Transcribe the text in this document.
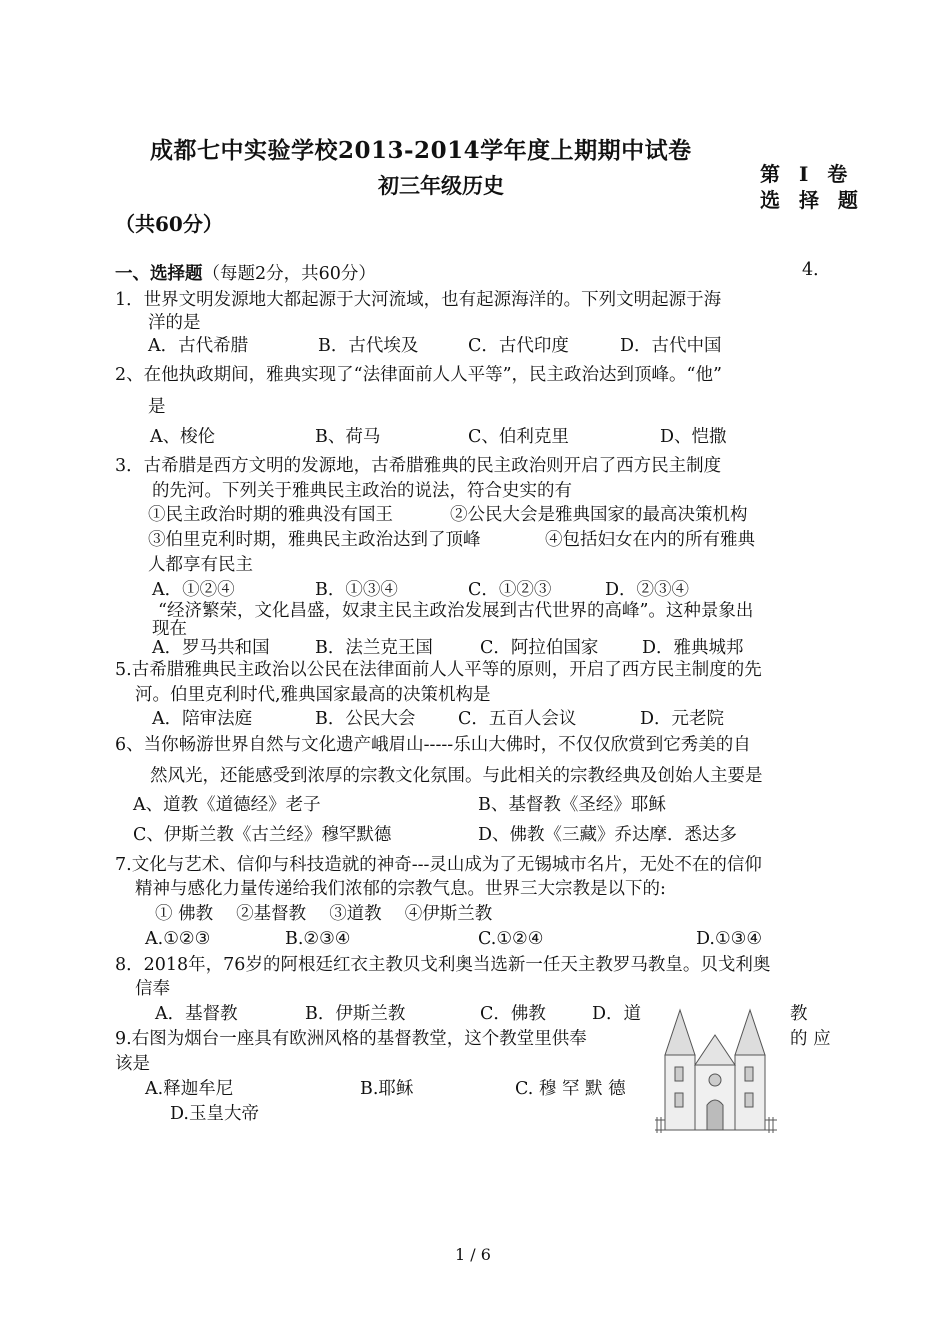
成都七中实验学校2013-2014学年度上期期中试卷
初三年级历史	第 Ⅰ 卷
选 择 题
（共60分）
一、选择题（每题2分，共60分）	4．
1．世界文明发源地大都起源于大河流域，也有起源海洋的。下列文明起源于海
洋的是
A．古代希腊	B．古代埃及	C．古代印度	D．古代中国
2、在他执政期间，雅典实现了“法律面前人人平等”，民主政治达到顶峰。“他”
是
A、梭伦	B、荷马	C、伯利克里	D、恺撒
3．古希腊是西方文明的发源地，古希腊雅典的民主政治则开启了西方民主制度
的先河。下列关于雅典民主政治的说法，符合史实的有
①民主政治时期的雅典没有国王	②公民大会是雅典国家的最高决策机构
③伯里克利时期，雅典民主政治达到了顶峰	④包括妇女在内的所有雅典
人都享有民主
A．①②④	B．①③④	C．①②③	D．②③④
“经济繁荣，文化昌盛，奴隶主民主政治发展到古代世界的高峰”。这种景象出
现在
A．罗马共和国	B．法兰克王国	C．阿拉伯国家 D．雅典城邦
5.古希腊雅典民主政治以公民在法律面前人人平等的原则，开启了西方民主制度的先
河。伯里克利时代,雅典国家最高的决策机构是
A．陪审法庭	B．公民大会 C．五百人会议	D．元老院
6、当你畅游世界自然与文化遗产峨眉山-----乐山大佛时，不仅仅欣赏到它秀美的自
然风光，还能感受到浓厚的宗教文化氛围。与此相关的宗教经典及创始人主要是
A、道教《道德经》老子	B、基督教《圣经》耶稣
C、伊斯兰教《古兰经》穆罕默德	D、佛教《三藏》乔达摩．悉达多
7.文化与艺术、信仰与科技造就的神奇---灵山成为了无锡城市名片，无处不在的信仰
精神与感化力量传递给我们浓郁的宗教气息。世界三大宗教是以下的:
① 佛教　 ②基督教　 ③道教　 ④伊斯兰教
A.①②③	B.②③④	C.①②④	D.①③④
8．2018年，76岁的阿根廷红衣主教贝戈利奥当选新一任天主教罗马教皇。贝戈利奥
信奉
A．基督教	B．伊斯兰教	C．佛教	D．道	教
9.右图为烟台一座具有欧洲风格的基督教堂，这个教堂里供奉	的 应
该是
A.释迦牟尼	B.耶稣	C. 穆 罕 默 德
D.玉皇大帝
1 / 6
